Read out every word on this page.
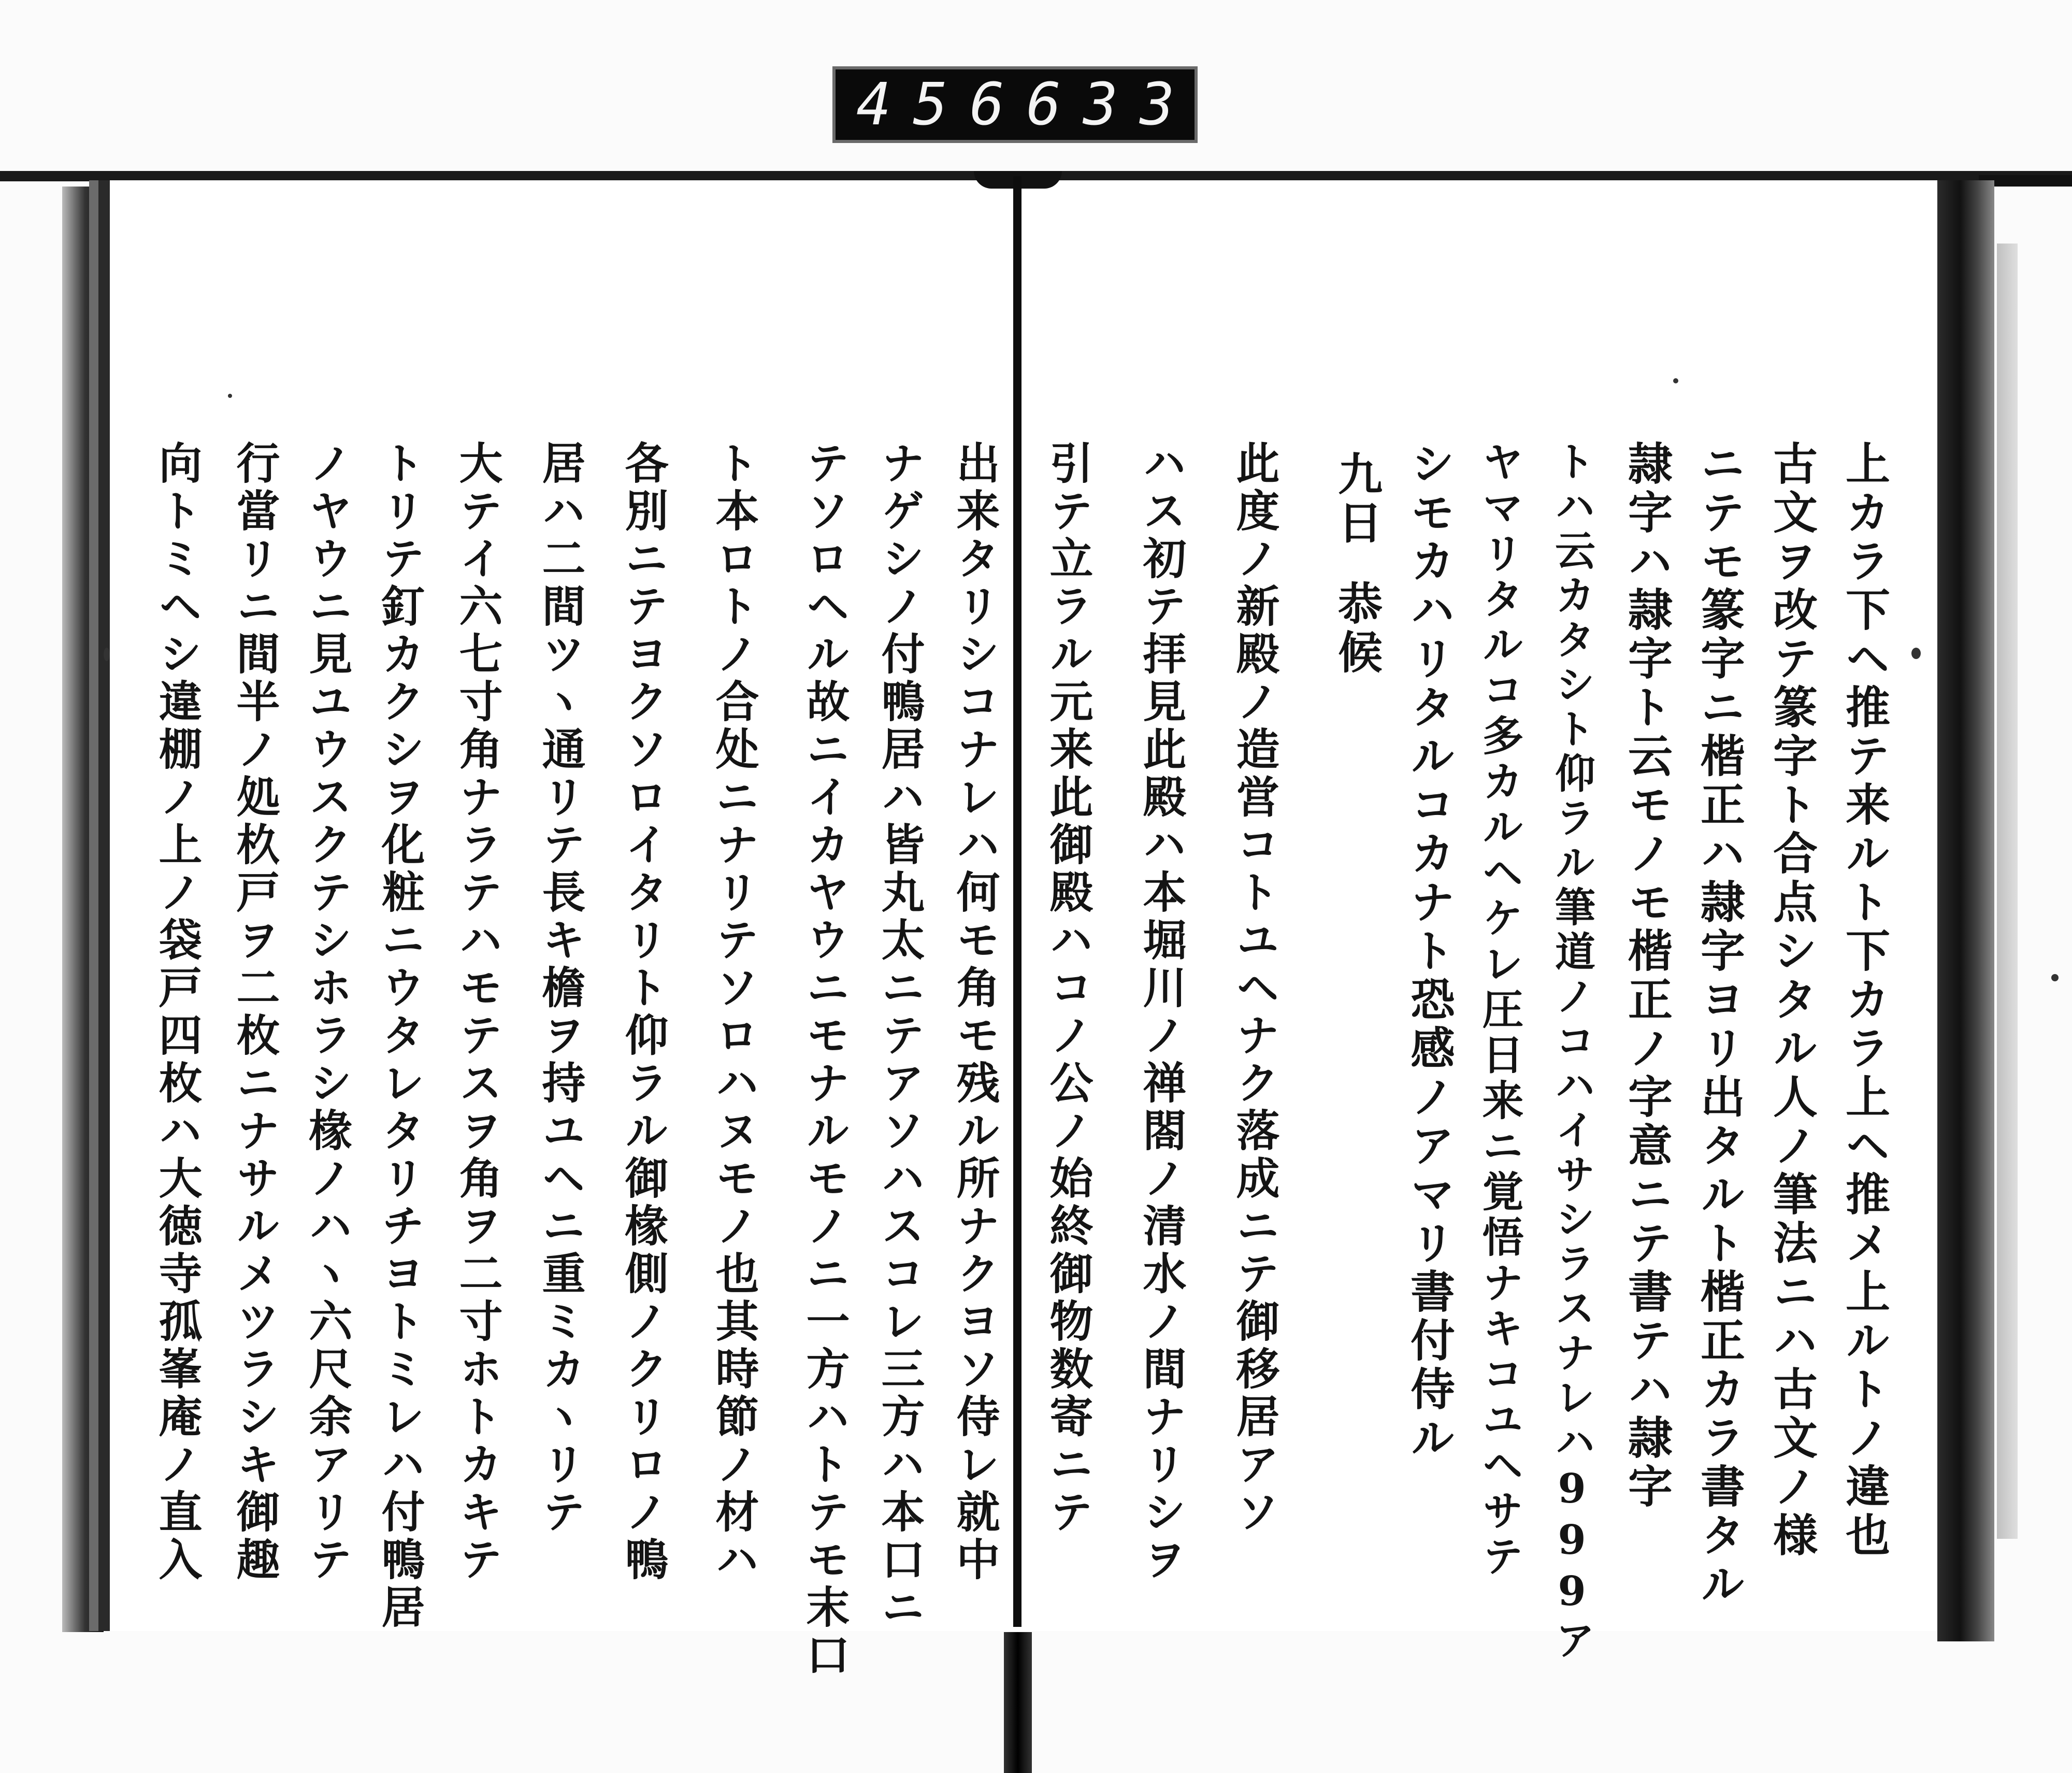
456 633
上カラ下ヘ推テ来ルト下カラ上ヘ推メ上ルトノ違也
古文ヲ改テ篆字ト合点シタル人ノ筆法ニハ古文ノ様
ニテモ篆字ニ楷正ハ隷字ヨリ出タルト楷正カラ書タル
隷字ハ隷字ト云モノモ楷正ノ字意ニテ書テハ隷字
トハ云カタシト仰ラル筆道ノコハイサシラスナレハ999ア
ヤマリタルコ多カルヘケレ圧日来ニ覚悟ナキコユヘサテ
シモカハリタルコカナト恐感ノアマリ書付侍ル
九日
恭候
此度ノ新殿ノ造営コトユヘナク落成ニテ御移居アソ
ハス初テ拝見此殿ハ本堀川ノ禅閤ノ清水ノ間ナリシヲ
引テ立ラル元来此御殿ハコノ公ノ始終御物数寄ニテ
出来タリシコナレハ何モ角モ残ル所ナクヨソ侍レ就中
ナゲシノ付鴨居ハ皆丸太ニテアソハスコレ三方ハ本口ニ
テソロヘル故ニイカヤウニモナルモノニ一方ハトテモ末口
ト本ロトノ合处ニナリテソロハヌモノ也其時節ノ材ハ
各別ニテヨクソロイタリト仰ラル御椽側ノクリロノ鴨
居ハ二間ツヽ通リテ長キ檐ヲ持ユヘニ重ミカヽリテ
大テイ六七寸角ナラテハモテスヲ角ヲ二寸ホトカキテ
トリテ釘カクシヲ化粧ニウタレタリチヨトミレハ付鴨居
ノヤウニ見ユウスクテシホラシ椽ノハヽ六尺余アリテ
行當リニ間半ノ処杦戸ヲ二枚ニナサルメツラシキ御趣
向トミヘシ違棚ノ上ノ袋戸四枚ハ大徳寺孤峯庵ノ直入
